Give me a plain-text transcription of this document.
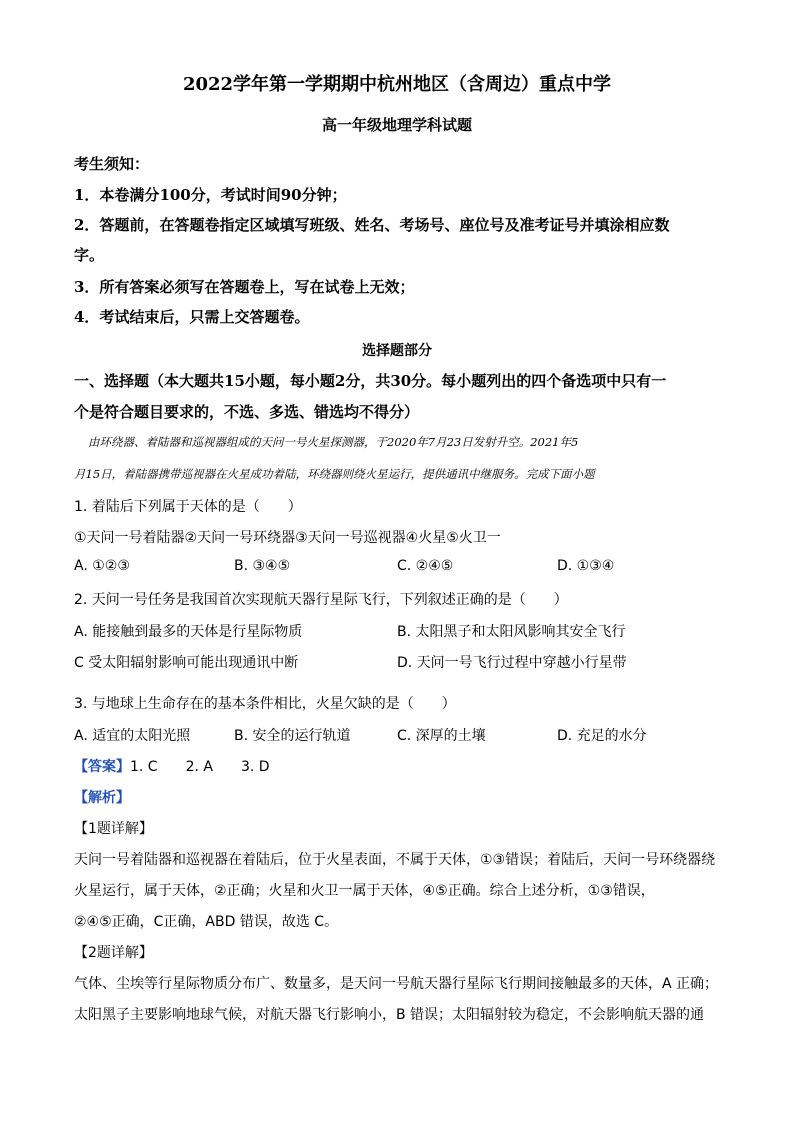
2022学年第一学期期中杭州地区（含周边）重点中学
高一年级地理学科试题
考生须知：
1．本卷满分100分，考试时间90分钟；
2．答题前，在答题卷指定区域填写班级、姓名、考场号、座位号及准考证号并填涂相应数
字。
3．所有答案必须写在答题卷上，写在试卷上无效；
4．考试结束后，只需上交答题卷。
选择题部分
一、选择题（本大题共15小题，每小题2分，共30分。每小题列出的四个备选项中只有一
个是符合题目要求的，不选、多选、错选均不得分）
由环绕器、着陆器和巡视器组成的天问一号火星探测器，于2020年7月23日发射升空。2021年5
月15日，着陆器携带巡视器在火星成功着陆，环绕器则绕火星运行，提供通讯中继服务。完成下面小题
1. 着陆后下列属于天体的是（　　）
①天问一号着陆器②天问一号环绕器③天问一号巡视器④火星⑤火卫一
A. ①②③	B. ③④⑤	C. ②④⑤	D. ①③④
2. 天问一号任务是我国首次实现航天器行星际飞行，下列叙述正确的是（　　）
A. 能接触到最多的天体是行星际物质	B. 太阳黑子和太阳风影响其安全飞行
C 受太阳辐射影响可能出现通讯中断	D. 天问一号飞行过程中穿越小行星带
3. 与地球上生命存在的基本条件相比，火星欠缺的是（　　）
A. 适宜的太阳光照	B. 安全的运行轨道	C. 深厚的土壤	D. 充足的水分
【答案】1. C　　2. A　　3. D
【解析】
【1题详解】
天问一号着陆器和巡视器在着陆后，位于火星表面，不属于天体，①③错误；着陆后，天问一号环绕器绕
火星运行，属于天体，②正确；火星和火卫一属于天体，④⑤正确。综合上述分析，①③错误，
②④⑤正确，C正确，ABD 错误，故选 C。
【2题详解】
气体、尘埃等行星际物质分布广、数量多，是天问一号航天器行星际飞行期间接触最多的天体，A 正确；
太阳黑子主要影响地球气候，对航天器飞行影响小，B 错误；太阳辐射较为稳定，不会影响航天器的通
